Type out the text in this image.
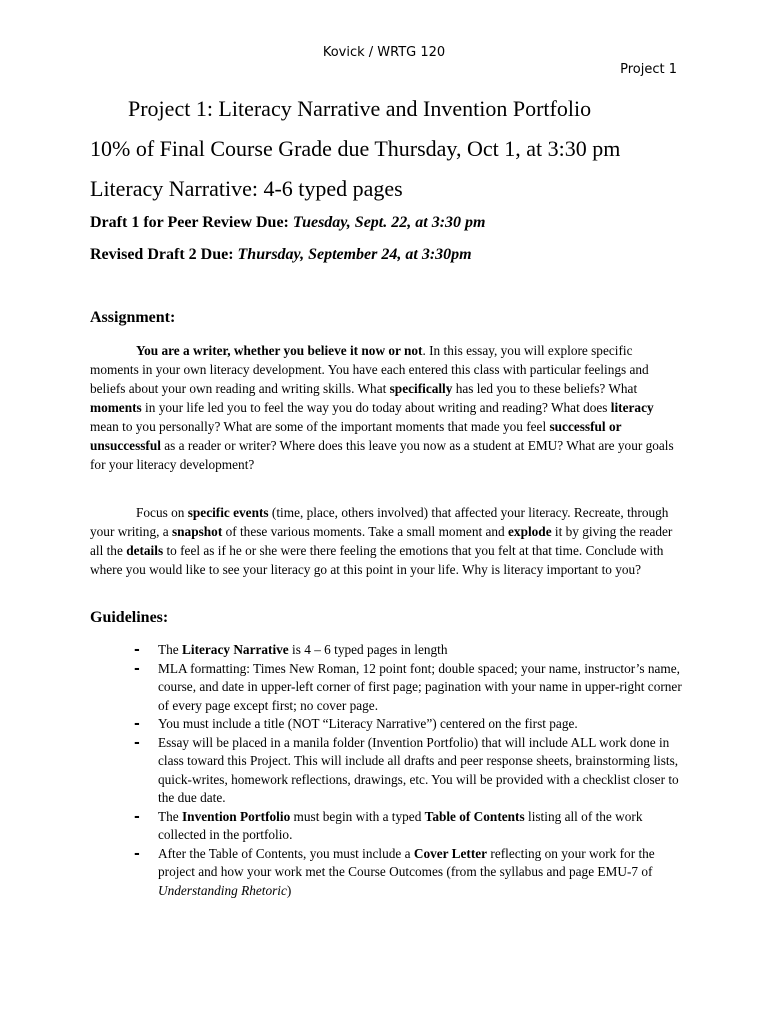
Kovick / WRTG 120
Project 1
Project 1: Literacy Narrative and Invention Portfolio
10% of Final Course Grade due Thursday, Oct 1, at 3:30 pm
Literacy Narrative: 4-6 typed pages
Draft 1 for Peer Review Due: Tuesday, Sept. 22, at 3:30 pm
Revised Draft 2 Due: Thursday, September 24, at 3:30pm
Assignment:

You are a writer, whether you believe it now or not. In this essay, you will explore specific moments in your own literacy development. You have each entered this class with particular feelings and beliefs about your own reading and writing skills. What specifically has led you to these beliefs? What moments in your life led you to feel the way you do today about writing and reading? What does literacy mean to you personally? What are some of the important moments that made you feel successful or unsuccessful as a reader or writer? Where does this leave you now as a student at EMU? What are your goals for your literacy development?

Focus on specific events (time, place, others involved) that affected your literacy. Recreate, through your writing, a snapshot of these various moments. Take a small moment and explode it by giving the reader all the details to feel as if he or she were there feeling the emotions that you felt at that time. Conclude with where you would like to see your literacy go at this point in your life. Why is literacy important to you?

Guidelines:
- The Literacy Narrative is 4 – 6 typed pages in length
- MLA formatting: Times New Roman, 12 point font; double spaced; your name, instructor’s name, course, and date in upper-left corner of first page; pagination with your name in upper-right corner of every page except first; no cover page.
- You must include a title (NOT “Literacy Narrative”) centered on the first page.
- Essay will be placed in a manila folder (Invention Portfolio) that will include ALL work done in class toward this Project. This will include all drafts and peer response sheets, brainstorming lists, quick-writes, homework reflections, drawings, etc. You will be provided with a checklist closer to the due date.
- The Invention Portfolio must begin with a typed Table of Contents listing all of the work collected in the portfolio.
- After the Table of Contents, you must include a Cover Letter reflecting on your work for the project and how your work met the Course Outcomes (from the syllabus and page EMU-7 of Understanding Rhetoric)
